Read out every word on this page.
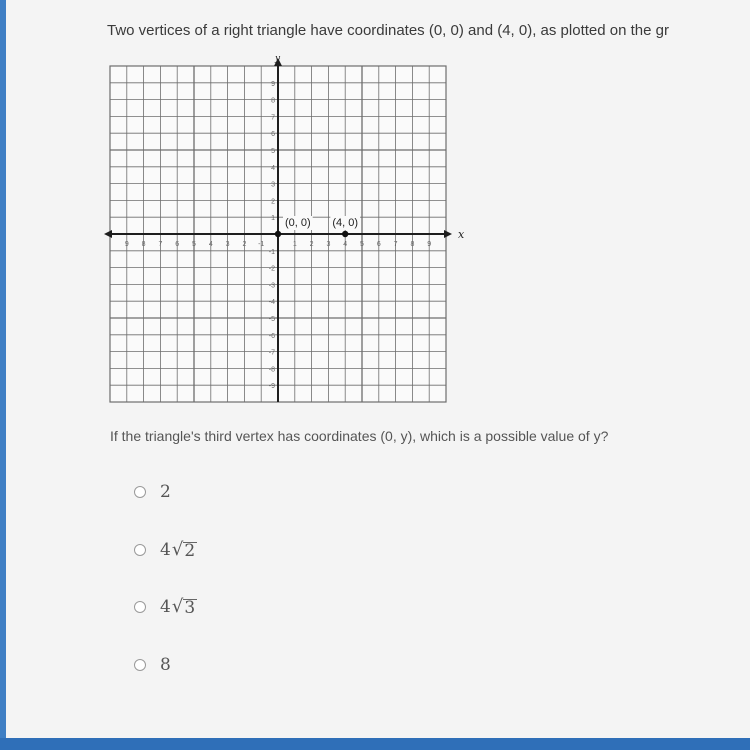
Two vertices of a right triangle have coordinates (0, 0) and (4, 0), as plotted on the gr
x
y
9 8 7 6 5 4 3 2 -1	1 2 3 4 5 6 7 8 9
9
8
7
6
5
4
3
2
1
-1
-2
-3
-4
-5
-6
-7
-8
-9
(0, 0) (4, 0)
If the triangle's third vertex has coordinates (0, y), which is a possible value of y?
2
4 √ 2
4 √ 3
8
